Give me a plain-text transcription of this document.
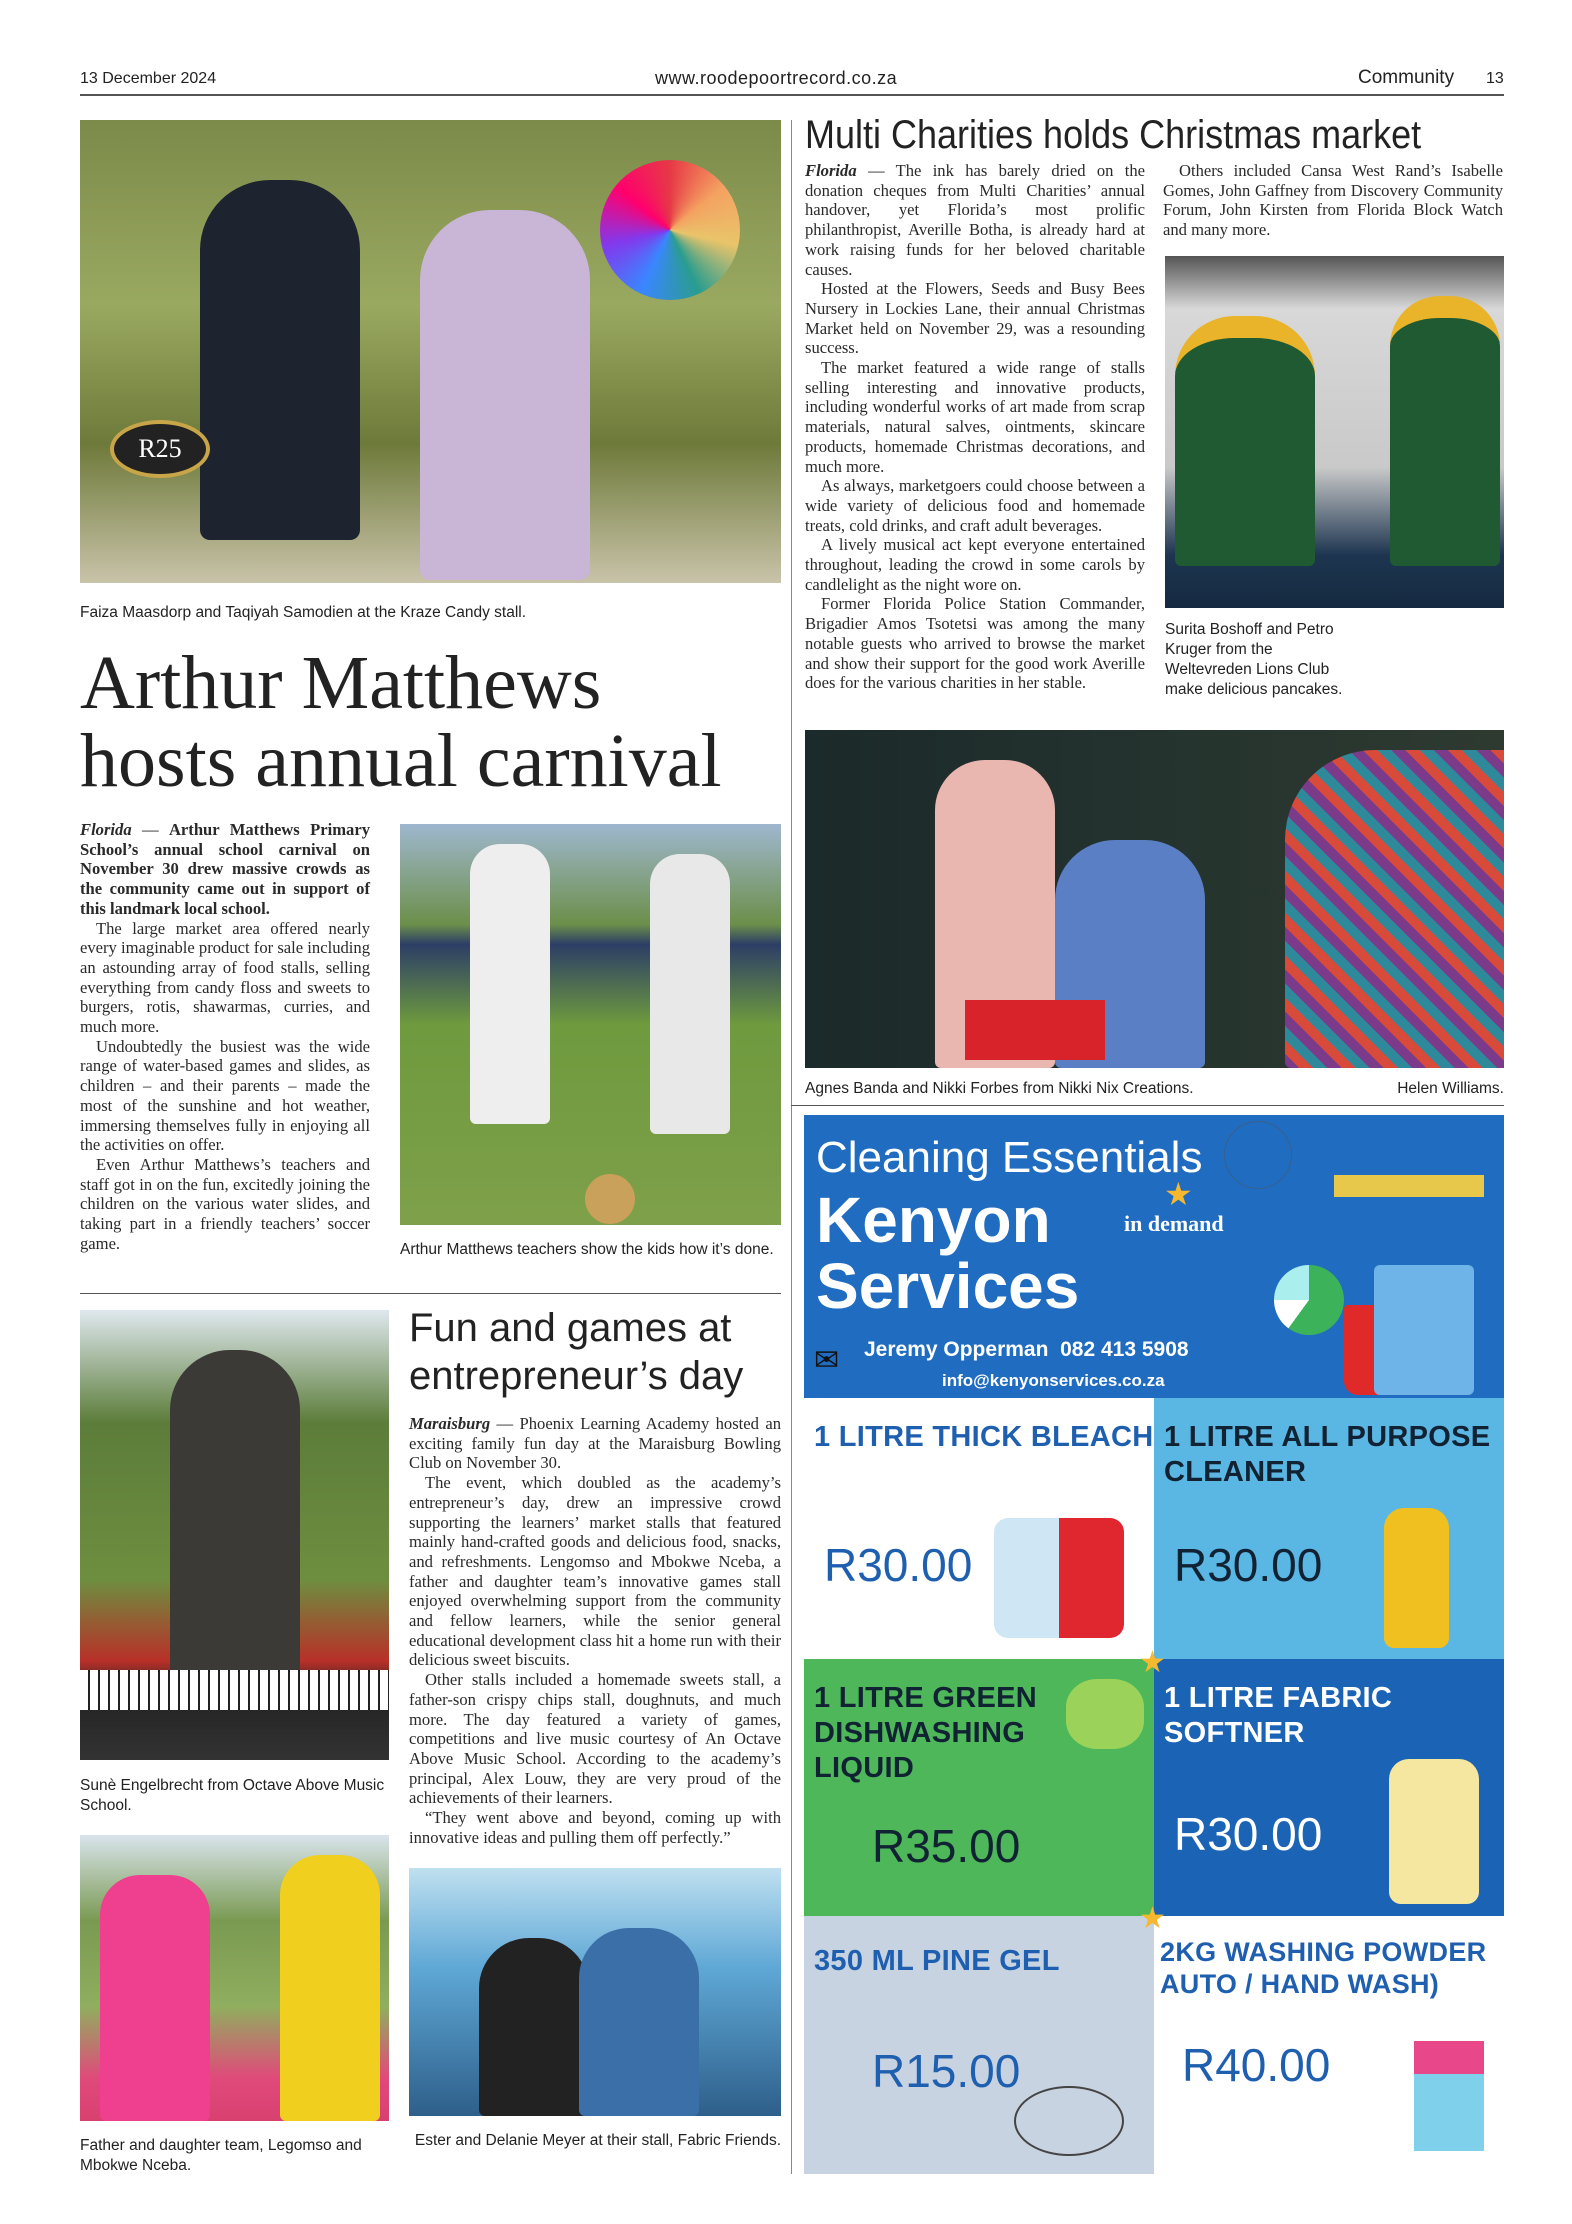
13 December 2024	www.roodepoortrecord.co.za	Community 13
R25
Faiza Maasdorp and Taqiyah Samodien at the Kraze Candy stall.
Arthur Matthews
hosts annual carnival

Florida — Arthur Matthews Primary School’s annual school carnival on November 30 drew massive crowds as the community came out in support of this landmark local school.

The large market area offered nearly every imaginable product for sale including an astounding array of food stalls, selling everything from candy floss and sweets to burgers, rotis, shawarmas, curries, and much more.

Undoubtedly the busiest was the wide range of water-based games and slides, as children – and their parents – made the most of the sunshine and hot weather, immersing themselves fully in enjoying all the activities on offer.

Even Arthur Matthews’s teachers and staff got in on the fun, excitedly joining the children on the various water slides, and taking part in a friendly teachers’ soccer game.	Arthur Matthews teachers show the kids how it’s done.
Sunè Engelbrecht from Octave Above Music School.
Father and daughter team, Legomso and Mbokwe Nceba.
Fun and games at
entrepreneur’s day

Maraisburg — Phoenix Learning Academy hosted an exciting family fun day at the Maraisburg Bowling Club on November 30.

The event, which doubled as the academy’s entrepreneur’s day, drew an impressive crowd supporting the learners’ market stalls that featured mainly hand-crafted goods and delicious food, snacks, and refreshments. Lengomso and Mbokwe Nceba, a father and daughter team’s innovative games stall enjoyed overwhelming support from the community and fellow learners, while the senior general educational development class hit a home run with their delicious sweet biscuits.

Other stalls included a homemade sweets stall, a father-son crispy chips stall, doughnuts, and much more. The day featured a variety of games, competitions and live music courtesy of An Octave Above Music School. According to the academy’s principal, Alex Louw, they are very proud of the achievements of their learners.

“They went above and beyond, coming up with innovative ideas and pulling them off perfectly.”

Ester and Delanie Meyer at their stall, Fabric Friends.
Multi Charities holds Christmas market

Florida — The ink has barely dried on the donation cheques from Multi Charities’ annual handover, yet Florida’s most prolific philanthropist, Averille Botha, is already hard at work raising funds for her beloved charitable causes.

Hosted at the Flowers, Seeds and Busy Bees Nursery in Lockies Lane, their annual Christmas Market held on November 29, was a resounding success.

The market featured a wide range of stalls selling interesting and innovative products, including wonderful works of art made from scrap materials, natural salves, ointments, skincare products, homemade Christmas decorations, and much more.

As always, marketgoers could choose between a wide variety of delicious food and homemade treats, cold drinks, and craft adult beverages.

A lively musical act kept everyone entertained throughout, leading the crowd in some carols by candlelight as the night wore on.

Former Florida Police Station Commander, Brigadier Amos Tsotetsi was among the many notable guests who arrived to browse the market and show their support for the good work Averille does for the various charities in her stable.

Others included Cansa West Rand’s Isabelle Gomes, John Gaffney from Discovery Community Forum, John Kirsten from Florida Block Watch and many more.

Surita Boshoff and Petro Kruger from the Weltevreden Lions Club make delicious pancakes.
Agnes Banda and Nikki Forbes from Nikki Nix Creations.	Helen Williams.
Cleaning Essentials
Kenyon
Services
in demand
★
✉ Jeremy Opperman 082 413 5908
info@kenyonservices.co.za
1 LITRE THICK BLEACH
R30.00
1 LITRE ALL PURPOSE CLEANER
R30.00
1 LITRE GREEN DISHWASHING LIQUID
R35.00
1 LITRE FABRIC SOFTNER
R30.00
350 ML PINE GEL
R15.00
2KG WASHING POWDER AUTO / HAND WASH)
R40.00
★
★
